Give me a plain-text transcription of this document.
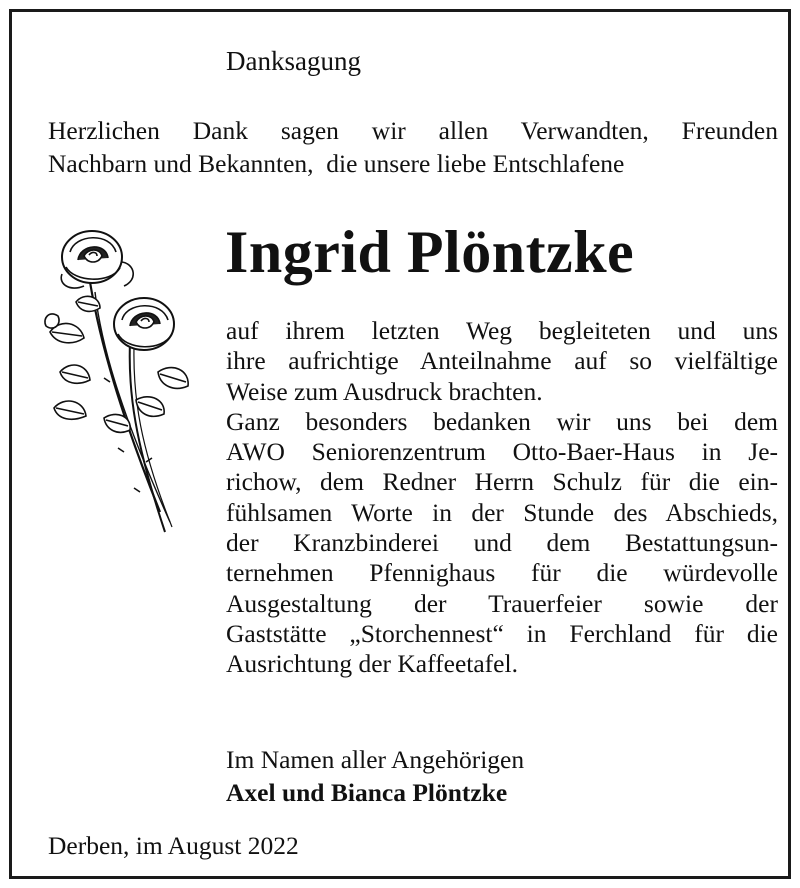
Danksagung
Herzlichen Dank sagen wir allen Verwandten, Freunden
Nachbarn und Bekannten,  die unsere liebe Entschlafene
Ingrid Plöntzke
auf ihrem letzten Weg begleiteten und uns
ihre aufrichtige Anteilnahme auf so vielfältige
Weise zum Ausdruck brachten.
Ganz besonders bedanken wir uns bei dem
AWO Seniorenzentrum Otto-Baer-Haus in Je-
richow, dem Redner Herrn Schulz für die ein-
fühlsamen Worte in der Stunde des Abschieds,
der Kranzbinderei und dem Bestattungsun-
ternehmen Pfennighaus für die würdevolle
Ausgestaltung der Trauerfeier sowie der
Gaststätte „Storchennest“ in Ferchland für die
Ausrichtung der Kaffeetafel.
Im Namen aller Angehörigen
Axel und Bianca Plöntzke
Derben, im August 2022
